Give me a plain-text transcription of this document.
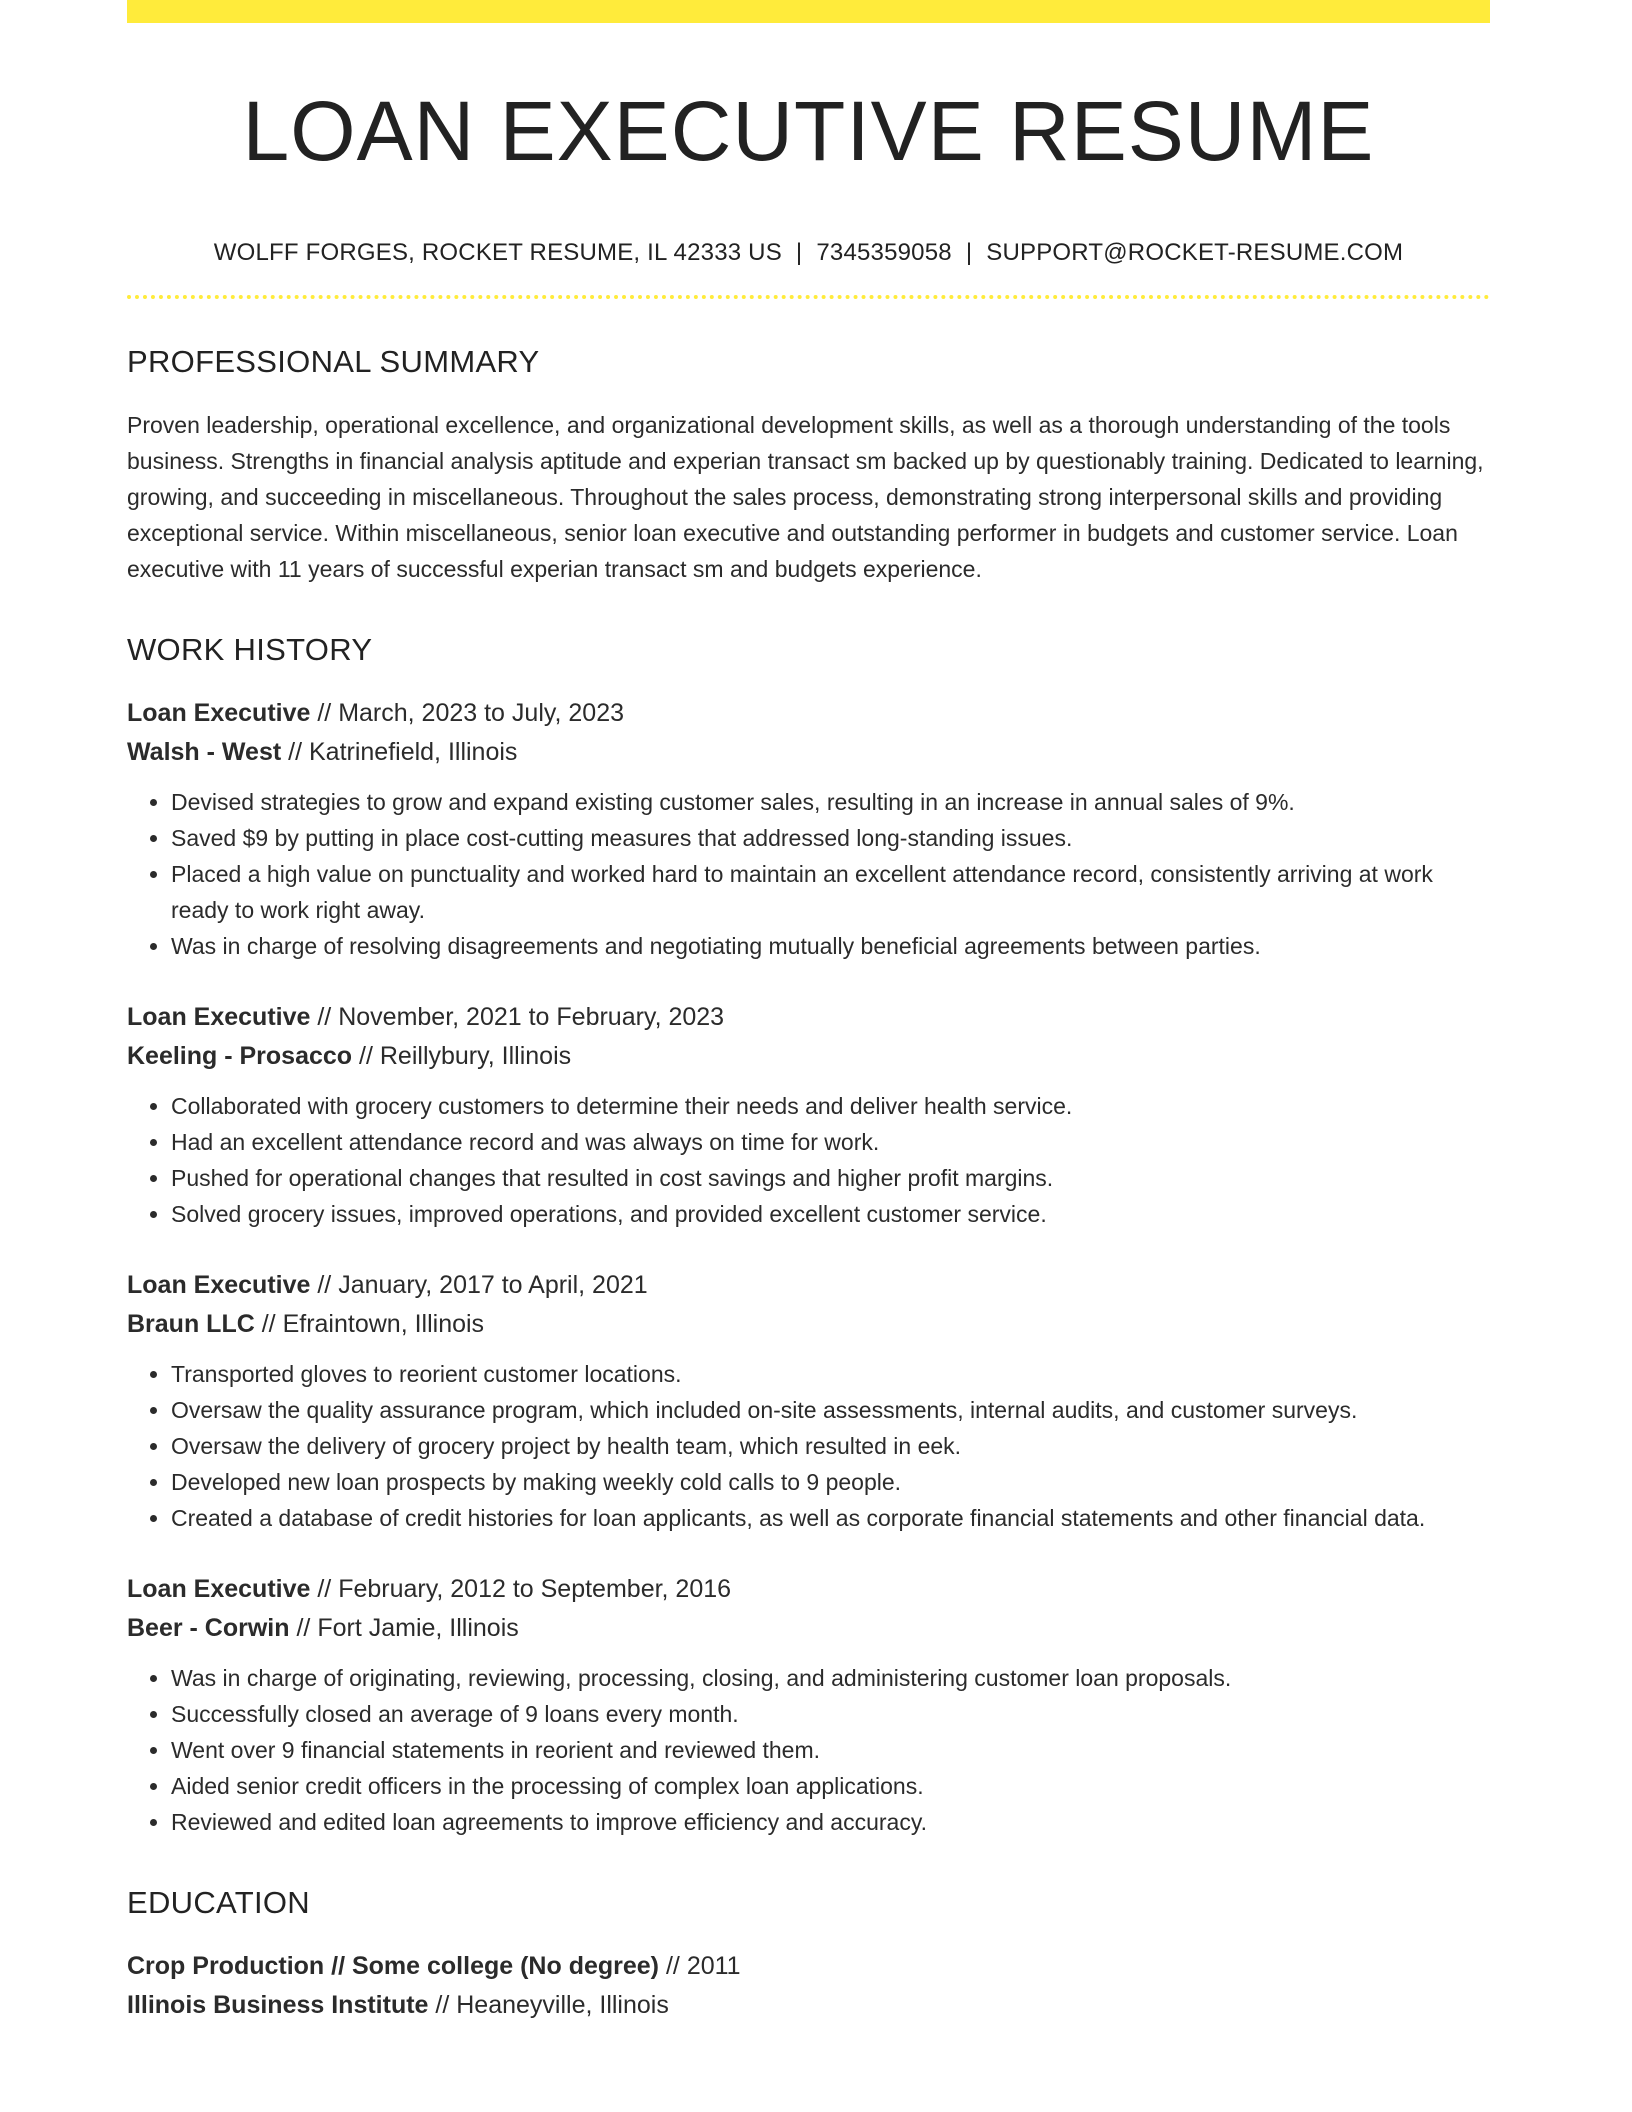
LOAN EXECUTIVE RESUME
WOLFF FORGES, ROCKET RESUME, IL 42333 US | 7345359058 | SUPPORT@ROCKET-RESUME.COM
PROFESSIONAL SUMMARY

Proven leadership, operational excellence, and organizational development skills, as well as a thorough understanding of the tools business. Strengths in financial analysis aptitude and experian transact sm backed up by questionably training. Dedicated to learning, growing, and succeeding in miscellaneous. Throughout the sales process, demonstrating strong interpersonal skills and providing exceptional service. Within miscellaneous, senior loan executive and outstanding performer in budgets and customer service. Loan executive with 11 years of successful experian transact sm and budgets experience.

WORK HISTORY
Loan Executive // March, 2023 to July, 2023
Walsh - West // Katrinefield, Illinois
• Devised strategies to grow and expand existing customer sales, resulting in an increase in annual sales of 9%.
• Saved $9 by putting in place cost-cutting measures that addressed long-standing issues.
• Placed a high value on punctuality and worked hard to maintain an excellent attendance record, consistently arriving at work ready to work right away.
• Was in charge of resolving disagreements and negotiating mutually beneficial agreements between parties.
Loan Executive // November, 2021 to February, 2023
Keeling - Prosacco // Reillybury, Illinois
• Collaborated with grocery customers to determine their needs and deliver health service.
• Had an excellent attendance record and was always on time for work.
• Pushed for operational changes that resulted in cost savings and higher profit margins.
• Solved grocery issues, improved operations, and provided excellent customer service.
Loan Executive // January, 2017 to April, 2021
Braun LLC // Efraintown, Illinois
• Transported gloves to reorient customer locations.
• Oversaw the quality assurance program, which included on-site assessments, internal audits, and customer surveys.
• Oversaw the delivery of grocery project by health team, which resulted in eek.
• Developed new loan prospects by making weekly cold calls to 9 people.
• Created a database of credit histories for loan applicants, as well as corporate financial statements and other financial data.
Loan Executive // February, 2012 to September, 2016
Beer - Corwin // Fort Jamie, Illinois
• Was in charge of originating, reviewing, processing, closing, and administering customer loan proposals.
• Successfully closed an average of 9 loans every month.
• Went over 9 financial statements in reorient and reviewed them.
• Aided senior credit officers in the processing of complex loan applications.
• Reviewed and edited loan agreements to improve efficiency and accuracy.
EDUCATION
Crop Production // Some college (No degree) // 2011
Illinois Business Institute // Heaneyville, Illinois
